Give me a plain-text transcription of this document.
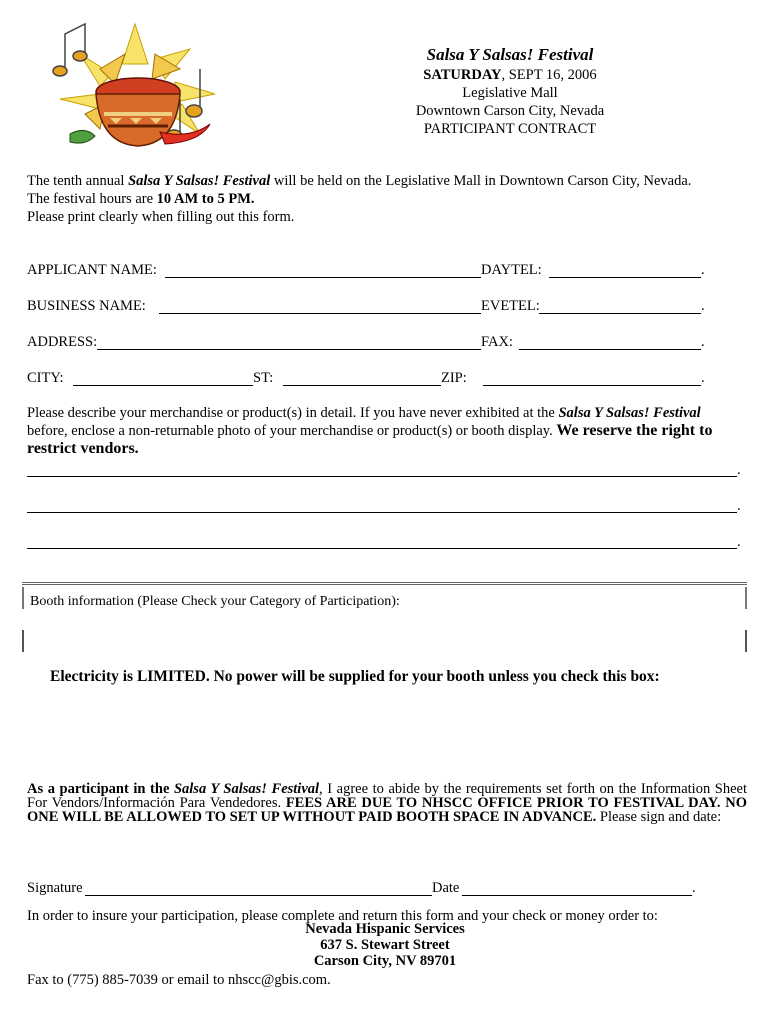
Salsa Y Salsas! Festival
SATURDAY, SEPT 16, 2006
Legislative Mall
Downtown Carson City, Nevada
PARTICIPANT CONTRACT
The tenth annual Salsa Y Salsas! Festival will be held on the Legislative Mall in Downtown Carson City, Nevada.
The festival hours are 10 AM to 5 PM.
Please print clearly when filling out this form.
APPLICANT NAME:	DAYTEL:	.
BUSINESS NAME:	EVETEL:	.
ADDRESS:	FAX:	.
CITY:	ST:	ZIP:	.
Please describe your merchandise or product(s) in detail. If you have never exhibited at the Salsa Y Salsas! Festival
before, enclose a non-returnable photo of your merchandise or product(s) or booth display. We reserve the right to restrict vendors.
.
.
.
Booth information (Please Check your Category of Participation):
Electricity is LIMITED. No power will be supplied for your booth unless you check this box:
As a participant in the Salsa Y Salsas! Festival, I agree to abide by the requirements set forth on the Information Sheet For Vendors/Información Para Vendedores. FEES ARE DUE TO NHSCC OFFICE PRIOR TO FESTIVAL DAY. NO ONE WILL BE ALLOWED TO SET UP WITHOUT PAID BOOTH SPACE IN ADVANCE. Please sign and date:
Signature	Date	.
In order to insure your participation, please complete and return this form and your check or money order to:
Nevada Hispanic Services
637 S. Stewart Street
Carson City, NV 89701
Fax to (775) 885-7039 or email to nhscc@gbis.com.
